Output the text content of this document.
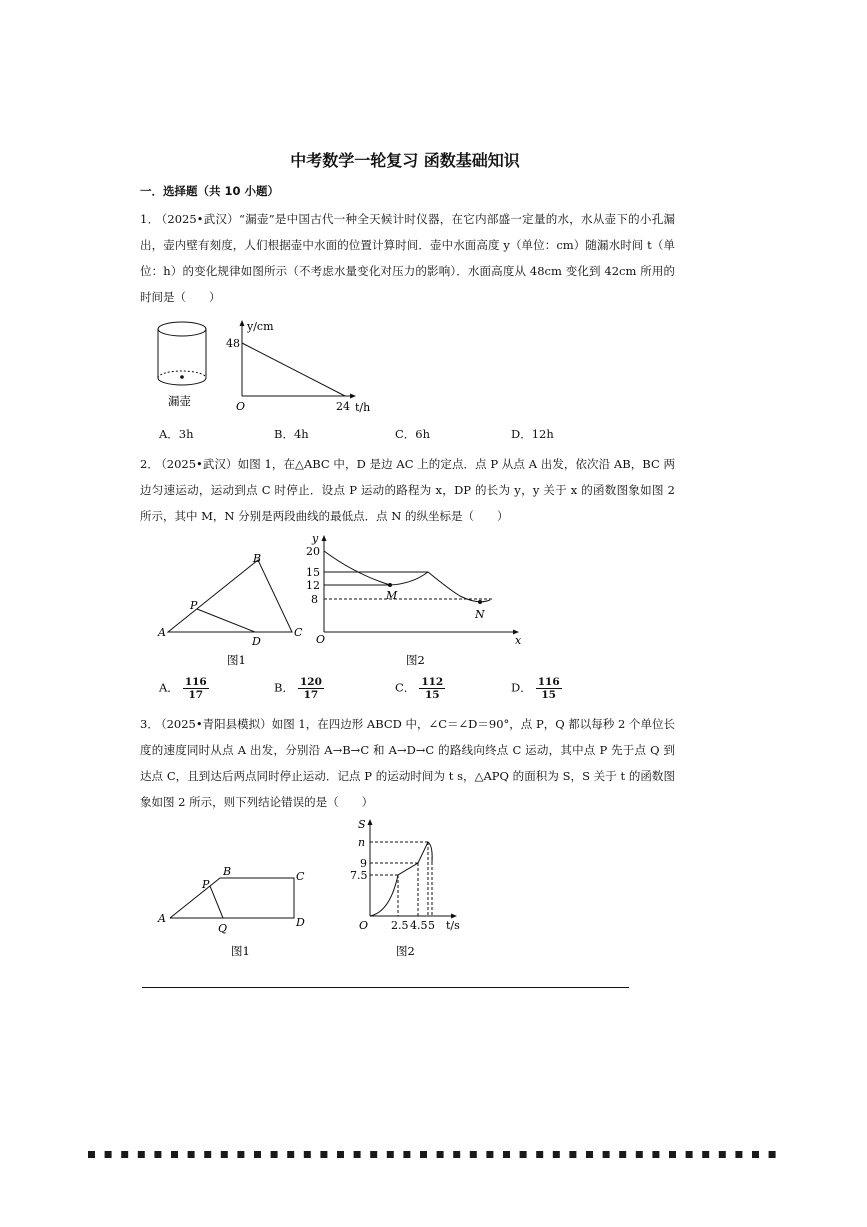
中考数学一轮复习 函数基础知识
一．选择题（共 10 小题）
1． （2025•武汉）“漏壶”是中国古代一种全天候计时仪器，在它内部盛一定量的水，水从壶下的小孔漏出，壶内壁有刻度，人们根据壶中水面的位置计算时间．壶中水面高度 y（单位：cm）随漏水时间 t（单位：h）的变化规律如图所示（不考虑水量变化对压力的影响）．水面高度从 48cm 变化到 42cm 所用的时间是（　　）
漏壶
y/cm
48
O	24 t/h
A．3h	B．4h	C．6h	D．12h
2． （2025•武汉）如图 1，在△ABC 中，D 是边 AC 上的定点．点 P 从点 A 出发，依次沿 AB，BC 两边匀速运动，运动到点 C 时停止．设点 P 运动的路程为 x，DP 的长为 y，y 关于 x 的函数图象如图 2 所示，其中 M，N 分别是两段曲线的最低点．点 N 的纵坐标是（　　）
B
P
A
D
C
图1
y
20
15
12
8	M
N
O	x
图2
A． $\frac{116}{17}$	B． $\frac{120}{17}$	C． $\frac{112}{15}$	D． $\frac{116}{15}$
3． （2025•青阳县模拟）如图 1，在四边形 ABCD 中，∠C＝∠D＝90°，点 P，Q 都以每秒 2 个单位长度的速度同时从点 A 出发，分别沿 A→B→C 和 A→D→C 的路线向终点 C 运动，其中点 P 先于点 Q 到达点 C，且到达后两点同时停止运动．记点 P 的运动时间为 t s，△APQ 的面积为 S，S 关于 t 的函数图象如图 2 所示，则下列结论错误的是（　　）
B
P
C
A
Q	D
图1
S
n
9
7.5
O 2.5 4.5 5 t/s
图2
